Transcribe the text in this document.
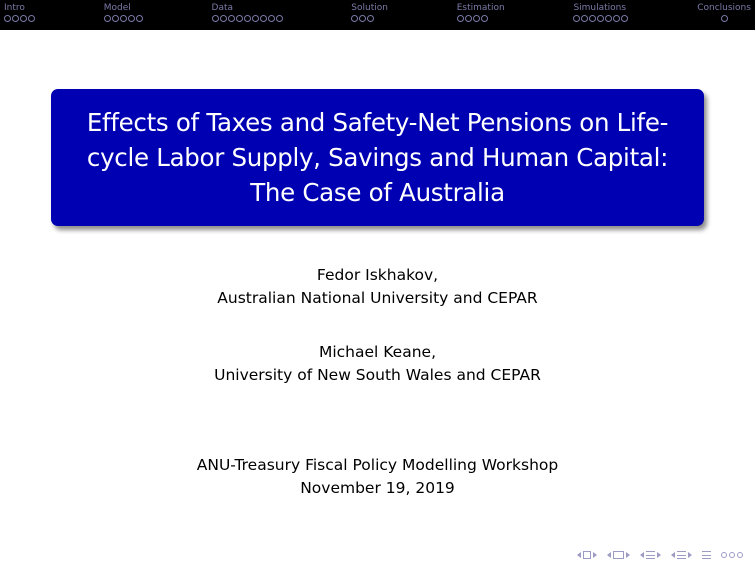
Intro	Model	Data	Solution	Estimation	Simulations	Conclusions
Effects of Taxes and Safety-Net Pensions on Life-cycle Labor Supply, Savings and Human Capital: The Case of Australia
Fedor Iskhakov,
Australian National University and CEPAR
Michael Keane,
University of New South Wales and CEPAR
ANU-Treasury Fiscal Policy Modelling Workshop
November 19, 2019
